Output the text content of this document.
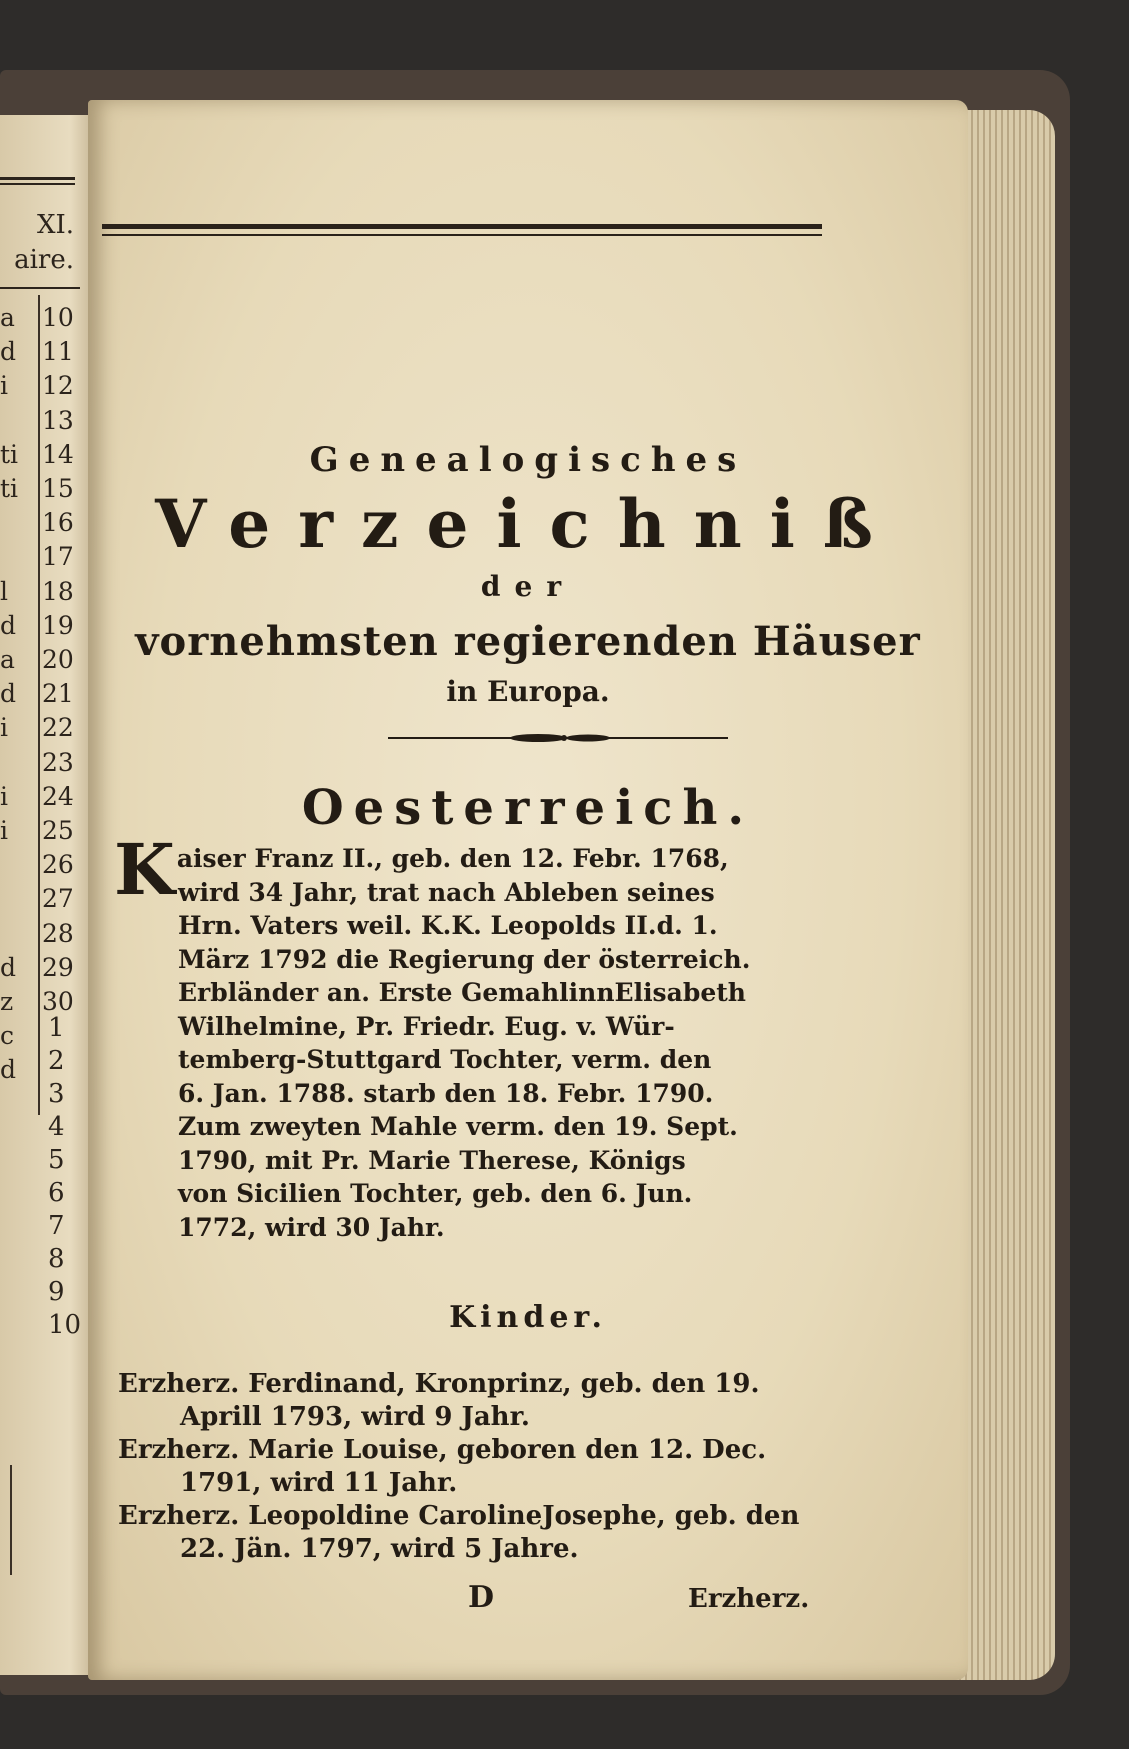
XI.
aire.
10
11
12
13
14
15
16
17
18
19
20
21
22
23
24
25
26
27
28
29
30
a
d
i
ti
ti
l
d
a
d
i
i
i
d
z
c
d
1
2
3
4
5
6
7
8
9
10
Genealogisches
Verzeichniß
der
vornehmsten regierenden Häuser
in Europa.
Oesterreich.
K aiser Franz II., geb. den 12. Febr. 1768,
wird 34 Jahr, trat nach Ableben seines
Hrn. Vaters weil. K.K. Leopolds II.d. 1.
März 1792 die Regierung der österreich.
Erbländer an. Erste GemahlinnElisabeth
Wilhelmine, Pr. Friedr. Eug. v. Wür-
temberg-Stuttgard Tochter, verm. den
6. Jan. 1788. starb den 18. Febr. 1790.
Zum zweyten Mahle verm. den 19. Sept.
1790, mit Pr. Marie Therese, Königs
von Sicilien Tochter, geb. den 6. Jun.
1772, wird 30 Jahr.
Kinder.
Erzherz. Ferdinand, Kronprinz, geb. den 19.
Aprill 1793, wird 9 Jahr.
Erzherz. Marie Louise, geboren den 12. Dec.
1791, wird 11 Jahr.
Erzherz. Leopoldine CarolineJosephe, geb. den
22. Jän. 1797, wird 5 Jahre.
D	Erzherz.
